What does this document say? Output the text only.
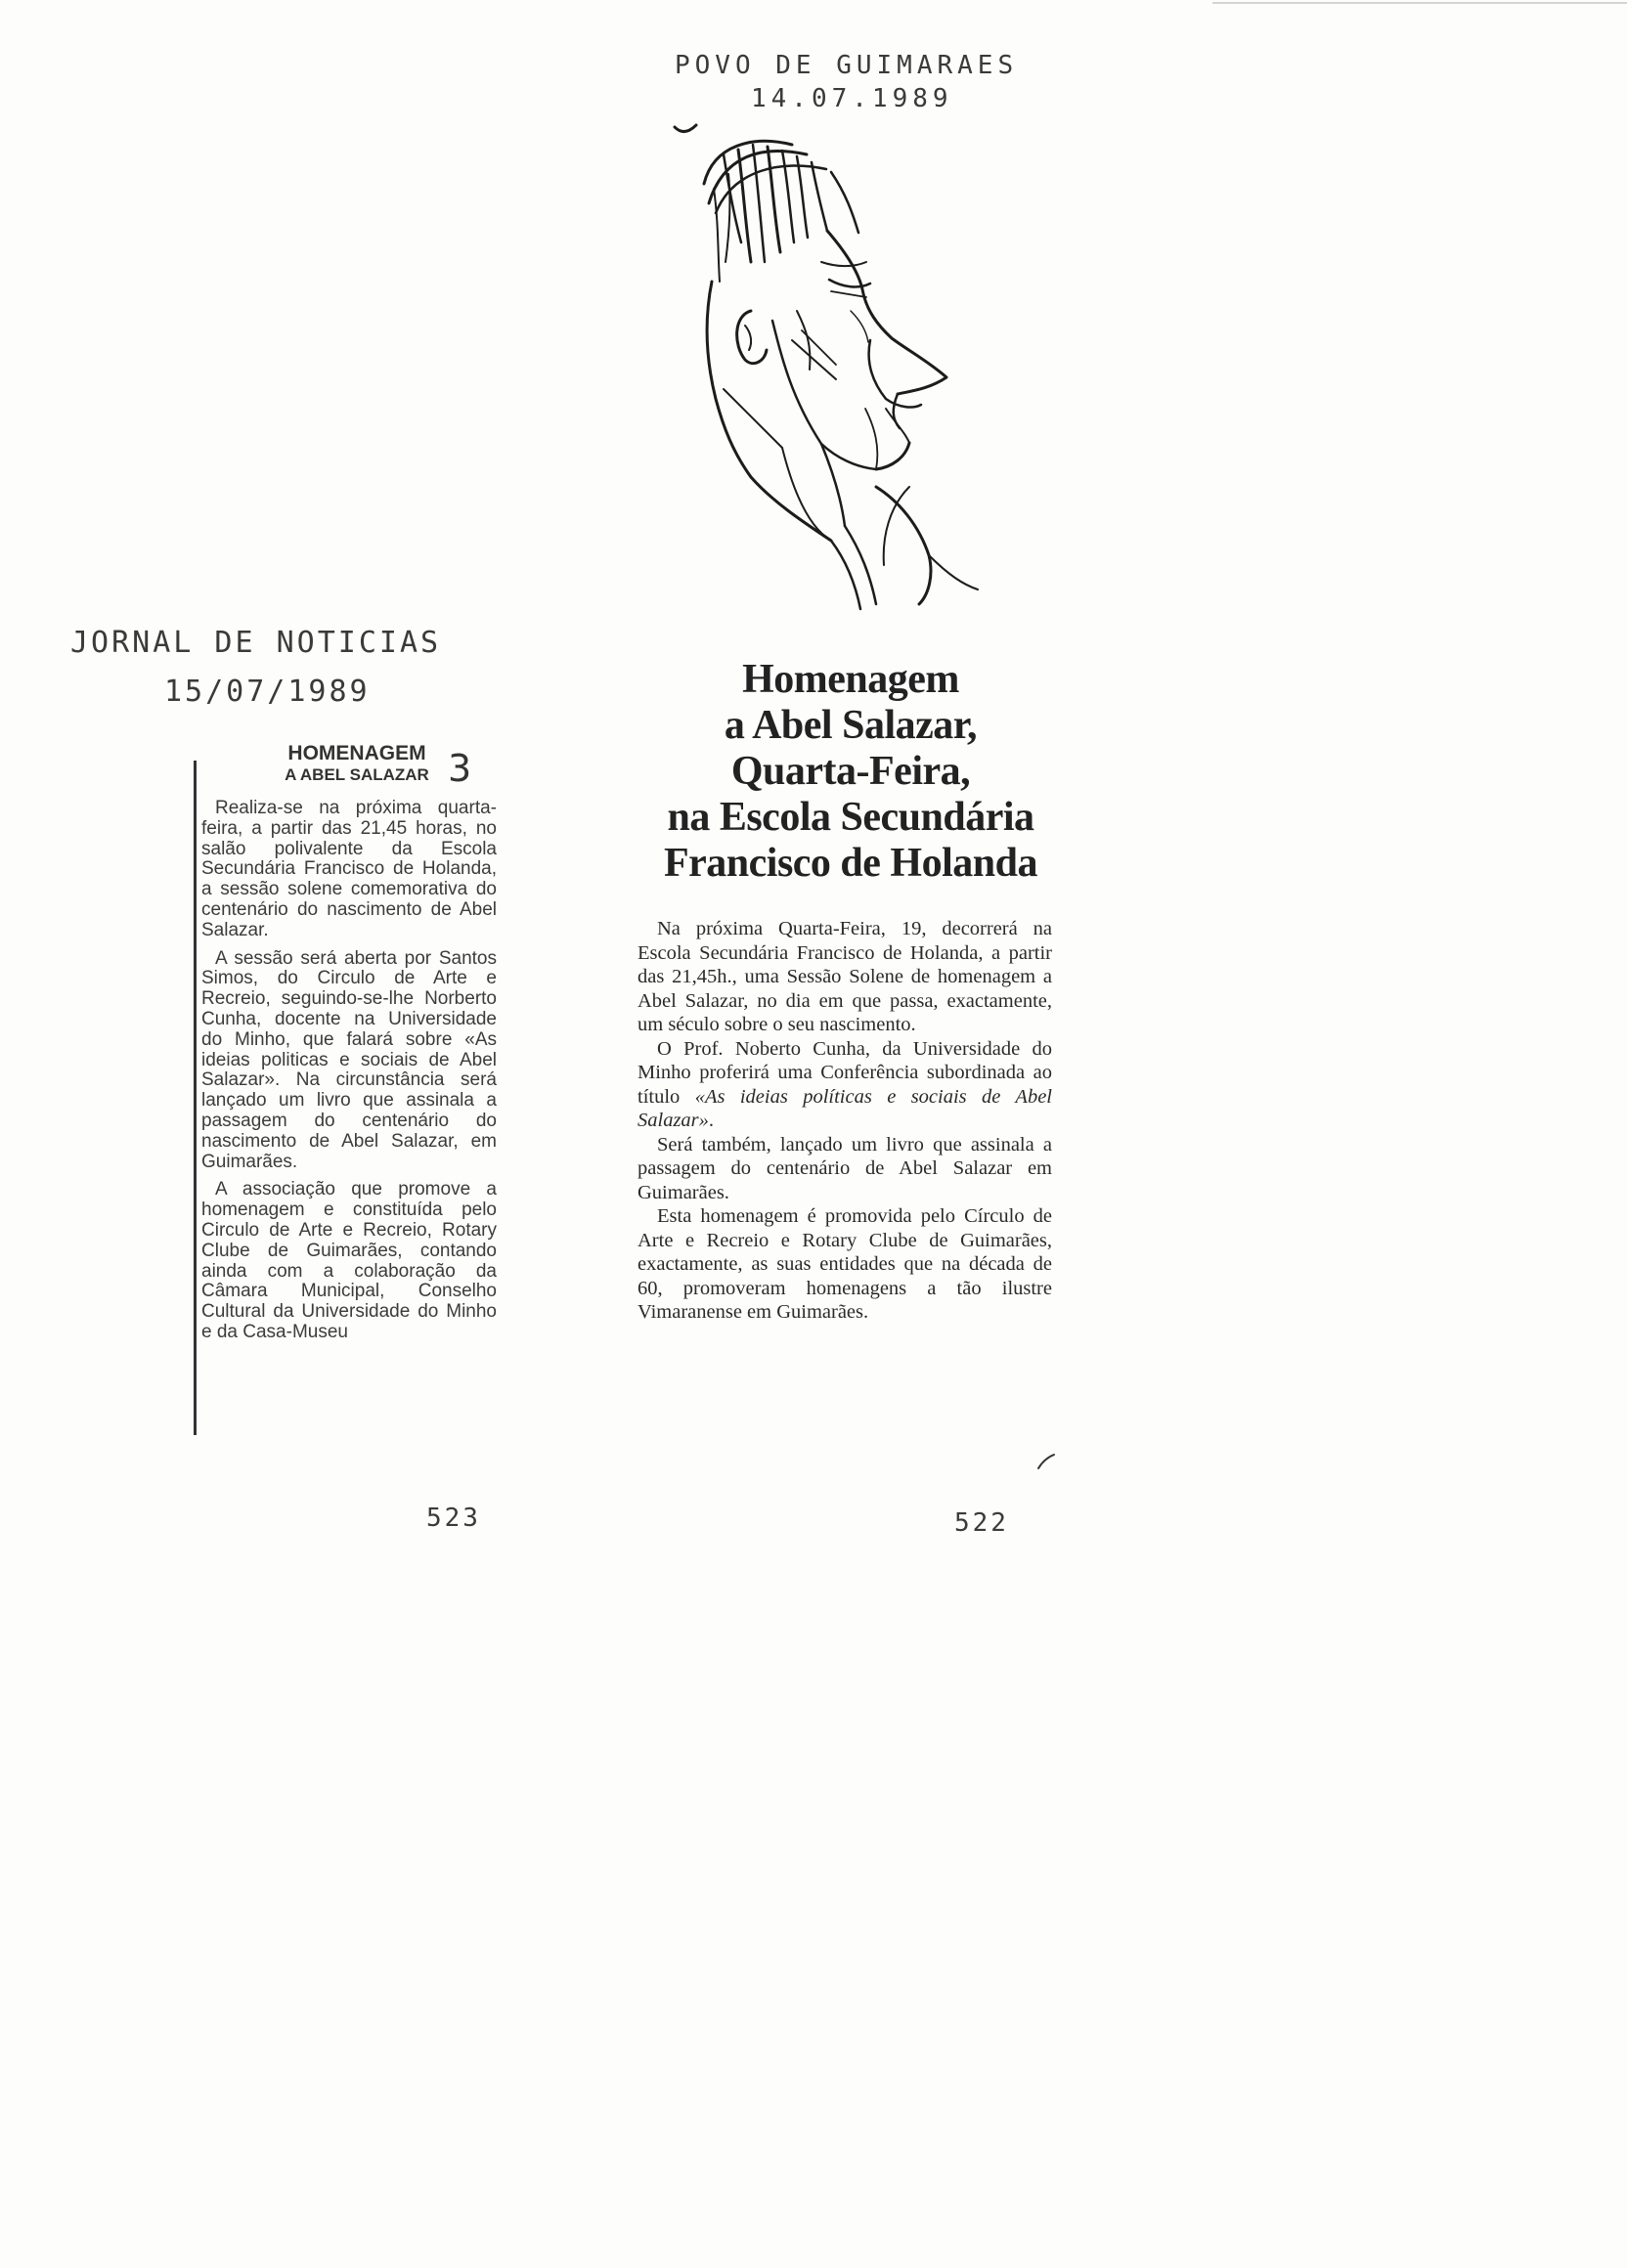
POVO DE GUIMARAES
14.07.1989
JORNAL DE NOTICIAS
15/07/1989
HOMENAGEM
A ABEL SALAZAR 3

Realiza-se na próxima quarta-feira, a partir das 21,45 horas, no salão polivalente da Escola Secundária Francisco de Holanda, a sessão solene comemorativa do centenário do nascimento de Abel Salazar.

A sessão será aberta por Santos Simos, do Circulo de Arte e Recreio, seguindo-se-lhe Norberto Cunha, docente na Universidade do Minho, que falará sobre «As ideias politicas e sociais de Abel Salazar». Na circunstância será lançado um livro que assinala a passagem do centenário do nascimento de Abel Salazar, em Guimarães.

A associação que promove a homenagem e constituída pelo Circulo de Arte e Recreio, Rotary Clube de Guimarães, contando ainda com a colaboração da Câmara Municipal, Conselho Cultural da Universidade do Minho e da Casa-Museu

Homenagem
a Abel Salazar,
Quarta-Feira,
na Escola Secundária
Francisco de Holanda

Na próxima Quarta-Feira, 19, decorrerá na Escola Secundária Francisco de Holanda, a partir das 21,45h., uma Sessão Solene de homenagem a Abel Salazar, no dia em que passa, exactamente, um século sobre o seu nascimento.

O Prof. Noberto Cunha, da Universidade do Minho proferirá uma Conferência subordinada ao título «As ideias políticas e sociais de Abel Salazar».

Será também, lançado um livro que assinala a passagem do centenário de Abel Salazar em Guimarães.

Esta homenagem é promovida pelo Círculo de Arte e Recreio e Rotary Clube de Guimarães, exactamente, as suas entidades que na década de 60, promoveram homenagens a tão ilustre Vimaranense em Guimarães.

523	522
